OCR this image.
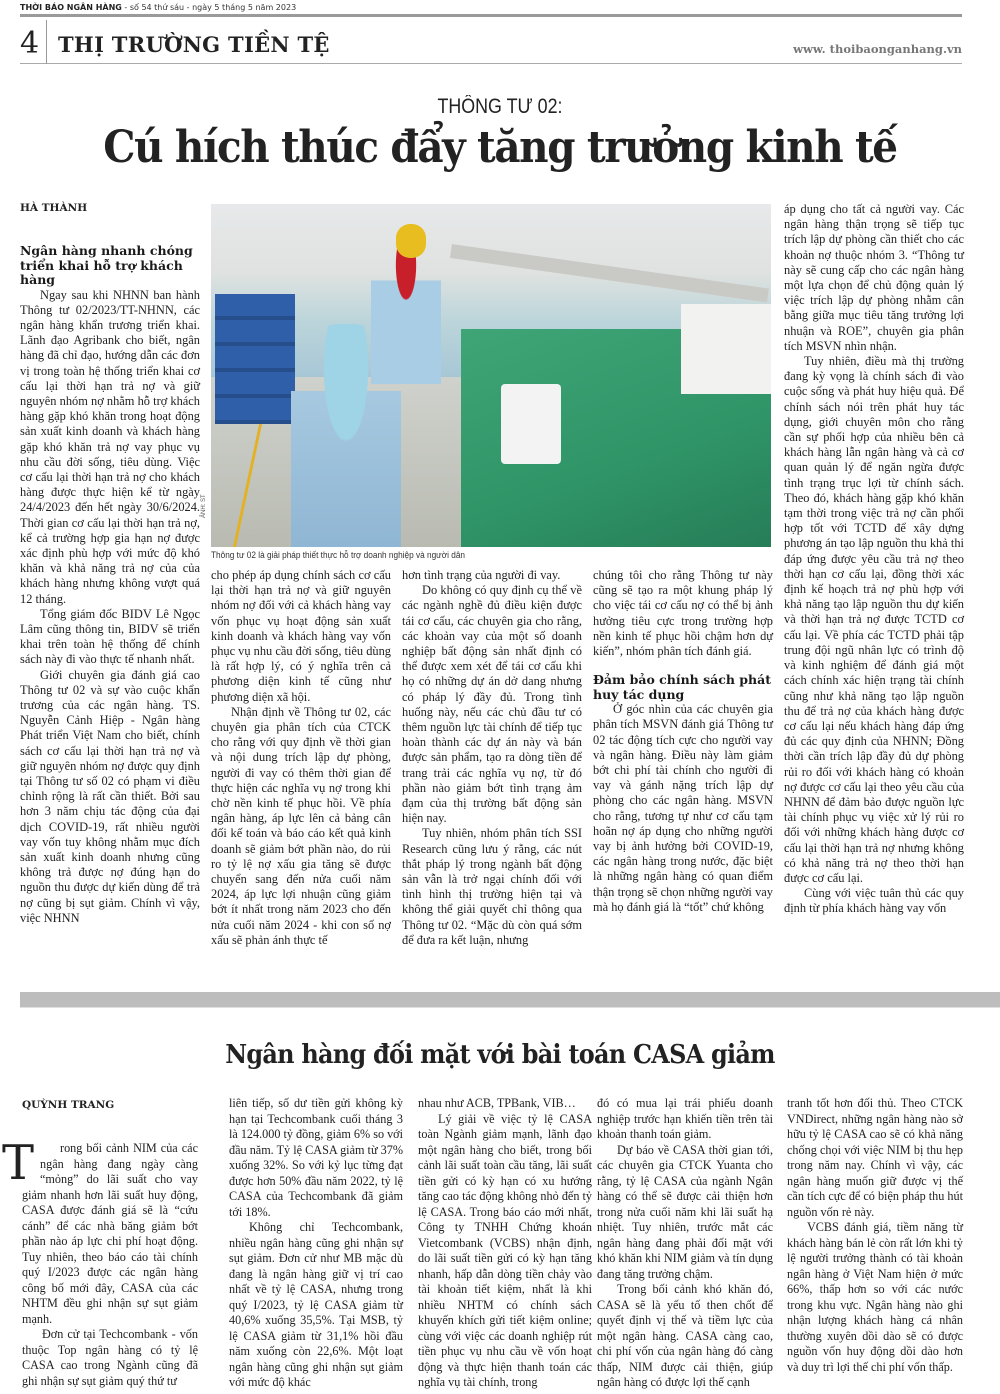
THỜI BÁO NGÂN HÀNG - số 54 thứ sáu - ngày 5 tháng 5 năm 2023
4 THỊ TRƯỜNG TIỀN TỆ	www. thoibaonganhang.vn
THÔNG TƯ 02:
Cú hích thúc đẩy tăng trưởng kinh tế
HÀ THÀNH
Ngân hàng nhanh chóng triển khai hỗ trợ khách hàng

Ngay sau khi NHNN ban hành Thông tư 02/2023/TT-NHNN, các ngân hàng khẩn trương triển khai. Lãnh đạo Agribank cho biết, ngân hàng đã chỉ đạo, hướng dẫn các đơn vị trong toàn hệ thống triển khai cơ cấu lại thời hạn trả nợ và giữ nguyên nhóm nợ nhằm hỗ trợ khách hàng gặp khó khăn trong hoạt động sản xuất kinh doanh và khách hàng gặp khó khăn trả nợ vay phục vụ nhu cầu đời sống, tiêu dùng. Việc cơ cấu lại thời hạn trả nợ cho khách hàng được thực hiện kể từ ngày 24/4/2023 đến hết ngày 30/6/2024. Thời gian cơ cấu lại thời hạn trả nợ, kể cả trường hợp gia hạn nợ được xác định phù hợp với mức độ khó khăn và khả năng trả nợ của của khách hàng nhưng không vượt quá 12 tháng.

Tổng giám đốc BIDV Lê Ngọc Lâm cũng thông tin, BIDV sẽ triển khai trên toàn hệ thống để chính sách này đi vào thực tế nhanh nhất.

Giới chuyên gia đánh giá cao Thông tư 02 và sự vào cuộc khẩn trương của các ngân hàng. TS. Nguyễn Cảnh Hiệp - Ngân hàng Phát triển Việt Nam cho biết, chính sách cơ cấu lại thời hạn trả nợ và giữ nguyên nhóm nợ được quy định tại Thông tư số 02 có phạm vi điều chỉnh rộng là rất cần thiết. Bởi sau hơn 3 năm chịu tác động của đại dịch COVID-19, rất nhiều người vay vốn tuy không nhằm mục đích sản xuất kinh doanh nhưng cũng không trả được nợ đúng hạn do nguồn thu được dự kiến dùng để trả nợ cũng bị sụt giảm. Chính vì vậy, việc NHNN

ẢNH: ST
Thông tư 02 là giải pháp thiết thực hỗ trợ doanh nghiệp và người dân

cho phép áp dụng chính sách cơ cấu lại thời hạn trả nợ và giữ nguyên nhóm nợ đối với cả khách hàng vay vốn phục vụ hoạt động sản xuất kinh doanh và khách hàng vay vốn phục vụ nhu cầu đời sống, tiêu dùng là rất hợp lý, có ý nghĩa trên cả phương diện kinh tế cũng như phương diện xã hội.

Nhận định về Thông tư 02, các chuyên gia phân tích của CTCK cho rằng với quy định về thời gian và nội dung trích lập dự phòng, người đi vay có thêm thời gian để thực hiện các nghĩa vụ nợ trong khi chờ nền kinh tế phục hồi. Về phía ngân hàng, áp lực lên cả bảng cân đối kế toán và báo cáo kết quả kinh doanh sẽ giảm bớt phần nào, do rủi ro tỷ lệ nợ xấu gia tăng sẽ được chuyển sang đến nửa cuối năm 2024, áp lực lợi nhuận cũng giảm bớt ít nhất trong năm 2023 cho đến nửa cuối năm 2024 - khi con số nợ xấu sẽ phản ánh thực tế

hơn tình trạng của người đi vay.

Do không có quy định cụ thể về các ngành nghề đủ điều kiện được tái cơ cấu, các chuyên gia cho rằng, các khoản vay của một số doanh nghiệp bất động sản nhất định có thể được xem xét để tái cơ cấu khi họ có những dự án dở dang nhưng có pháp lý đầy đủ. Trong tình huống này, nếu các chủ đầu tư có thêm nguồn lực tài chính để tiếp tục hoàn thành các dự án này và bán được sản phẩm, tạo ra dòng tiền để trang trải các nghĩa vụ nợ, từ đó phần nào giảm bớt tình trạng ảm đạm của thị trường bất động sản hiện nay.

Tuy nhiên, nhóm phân tích SSI Research cũng lưu ý rằng, các nút thắt pháp lý trong ngành bất động sản vẫn là trở ngại chính đối với tình hình thị trường hiện tại và không thể giải quyết chỉ thông qua Thông tư 02. “Mặc dù còn quá sớm để đưa ra kết luận, nhưng

chúng tôi cho rằng Thông tư này cũng sẽ tạo ra một khung pháp lý cho việc tái cơ cấu nợ có thể bị ảnh hưởng tiêu cực trong trường hợp nền kinh tế phục hồi chậm hơn dự kiến”, nhóm phân tích đánh giá.

Đảm bảo chính sách phát huy tác dụng

Ở góc nhìn của các chuyên gia phân tích MSVN đánh giá Thông tư 02 tác động tích cực cho người vay và ngân hàng. Điều này làm giảm bớt chi phí tài chính cho người đi vay và gánh nặng trích lập dự phòng cho các ngân hàng. MSVN cho rằng, tương tự như cơ cấu tạm hoãn nợ áp dụng cho những người vay bị ảnh hưởng bởi COVID-19, các ngân hàng trong nước, đặc biệt là những ngân hàng có quan điểm thận trọng sẽ chọn những người vay mà họ đánh giá là “tốt” chứ không

áp dụng cho tất cả người vay. Các ngân hàng thận trọng sẽ tiếp tục trích lập dự phòng cần thiết cho các khoản nợ thuộc nhóm 3. “Thông tư này sẽ cung cấp cho các ngân hàng một lựa chọn để chủ động quản lý việc trích lập dự phòng nhằm cân bằng giữa mục tiêu tăng trưởng lợi nhuận và ROE”, chuyên gia phân tích MSVN nhìn nhận.

Tuy nhiên, điều mà thị trường đang kỳ vọng là chính sách đi vào cuộc sống và phát huy hiệu quả. Để chính sách nói trên phát huy tác dụng, giới chuyên môn cho rằng cần sự phối hợp của nhiều bên cả khách hàng lẫn ngân hàng và cả cơ quan quản lý để ngăn ngừa được tình trạng trục lợi từ chính sách. Theo đó, khách hàng gặp khó khăn tạm thời trong việc trả nợ cần phối hợp tốt với TCTD để xây dựng phương án tạo lập nguồn thu khả thi đáp ứng được yêu cầu trả nợ theo thời hạn cơ cấu lại, đồng thời xác định kế hoạch trả nợ phù hợp với khả năng tạo lập nguồn thu dự kiến và thời hạn trả nợ được TCTD cơ cấu lại. Về phía các TCTD phải tập trung đội ngũ nhân lực có trình độ và kinh nghiệm để đánh giá một cách chính xác hiện trạng tài chính cũng như khả năng tạo lập nguồn thu để trả nợ của khách hàng được cơ cấu lại nếu khách hàng đáp ứng đủ các quy định của NHNN; Đồng thời cần trích lập đầy đủ dự phòng rủi ro đối với khách hàng có khoản nợ được cơ cấu lại theo yêu cầu của NHNN để đảm bảo được nguồn lực tài chính phục vụ việc xử lý rủi ro đối với những khách hàng được cơ cấu lại thời hạn trả nợ nhưng không có khả năng trả nợ theo thời hạn được cơ cấu lại.

Cùng với việc tuân thủ các quy định từ phía khách hàng vay vốn

Ngân hàng đối mặt với bài toán CASA giảm
QUỲNH TRANG

T rong bối cảnh NIM của các ngân hàng đang ngày càng “mỏng” do lãi suất cho vay giảm nhanh hơn lãi suất huy động, CASA được đánh giá sẽ là “cứu cánh” để các nhà băng giảm bớt phần nào áp lực chi phí hoạt động. Tuy nhiên, theo báo cáo tài chính quý I/2023 được các ngân hàng công bố mới đây, CASA của các NHTM đều ghi nhận sự sụt giảm mạnh.

Đơn cử tại Techcombank - vốn thuộc Top ngân hàng có tỷ lệ CASA cao trong Ngành cũng đã ghi nhận sự sụt giảm quý thứ tư

liên tiếp, số dư tiền gửi không kỳ hạn tại Techcombank cuối tháng 3 là 124.000 tỷ đồng, giảm 6% so với đầu năm. Tỷ lệ CASA giảm từ 37% xuống 32%. So với kỷ lục từng đạt được hơn 50% đầu năm 2022, tỷ lệ CASA của Techcombank đã giảm tới 18%.

Không chỉ Techcombank, nhiều ngân hàng cũng ghi nhận sự sụt giảm. Đơn cử như MB mặc dù đang là ngân hàng giữ vị trí cao nhất về tỷ lệ CASA, nhưng trong quý I/2023, tỷ lệ CASA giảm từ 40,6% xuống 35,5%. Tại MSB, tỷ lệ CASA giảm từ 31,1% hồi đầu năm xuống còn 22,6%. Một loạt ngân hàng cũng ghi nhận sụt giảm với mức độ khác

nhau như ACB, TPBank, VIB…

Lý giải về việc tỷ lệ CASA toàn Ngành giảm mạnh, lãnh đạo một ngân hàng cho biết, trong bối cảnh lãi suất toàn cầu tăng, lãi suất tiền gửi có kỳ hạn có xu hướng tăng cao tác động không nhỏ đến tỷ lệ CASA. Trong báo cáo mới nhất, Công ty TNHH Chứng khoán Vietcombank (VCBS) nhận định, do lãi suất tiền gửi có kỳ hạn tăng nhanh, hấp dẫn dòng tiền chảy vào tài khoản tiết kiệm, nhất là khi nhiều NHTM có chính sách khuyến khích gửi tiết kiệm online; cùng với việc các doanh nghiệp rút tiền phục vụ nhu cầu về vốn hoạt động và thực hiện thanh toán các nghĩa vụ tài chính, trong

đó có mua lại trái phiếu doanh nghiệp trước hạn khiến tiền trên tài khoản thanh toán giảm.

Dự báo về CASA thời gian tới, các chuyên gia CTCK Yuanta cho rằng, tỷ lệ CASA của ngành Ngân hàng có thể sẽ được cải thiện hơn trong nửa cuối năm khi lãi suất hạ nhiệt. Tuy nhiên, trước mắt các ngân hàng đang phải đối mặt với khó khăn khi NIM giảm và tín dụng đang tăng trưởng chậm.

Trong bối cảnh khó khăn đó, CASA sẽ là yếu tố then chốt để quyết định vị thế và tiềm lực của một ngân hàng. CASA càng cao, chi phí vốn của ngân hàng đó càng thấp, NIM được cải thiện, giúp ngân hàng có được lợi thế cạnh

tranh tốt hơn đối thủ. Theo CTCK VNDirect, những ngân hàng nào sở hữu tỷ lệ CASA cao sẽ có khả năng chống chọi với việc NIM bị thu hẹp trong năm nay. Chính vì vậy, các ngân hàng muốn giữ được vị thế cần tích cực để có biện pháp thu hút nguồn vốn rẻ này.

VCBS đánh giá, tiềm năng từ khách hàng bán lẻ còn rất lớn khi tỷ lệ người trưởng thành có tài khoản ngân hàng ở Việt Nam hiện ở mức 66%, thấp hơn so với các nước trong khu vực. Ngân hàng nào ghi nhận lượng khách hàng cá nhân thường xuyên dồi dào sẽ có được nguồn vốn huy động dồi dào hơn và duy trì lợi thế chi phí vốn thấp.
